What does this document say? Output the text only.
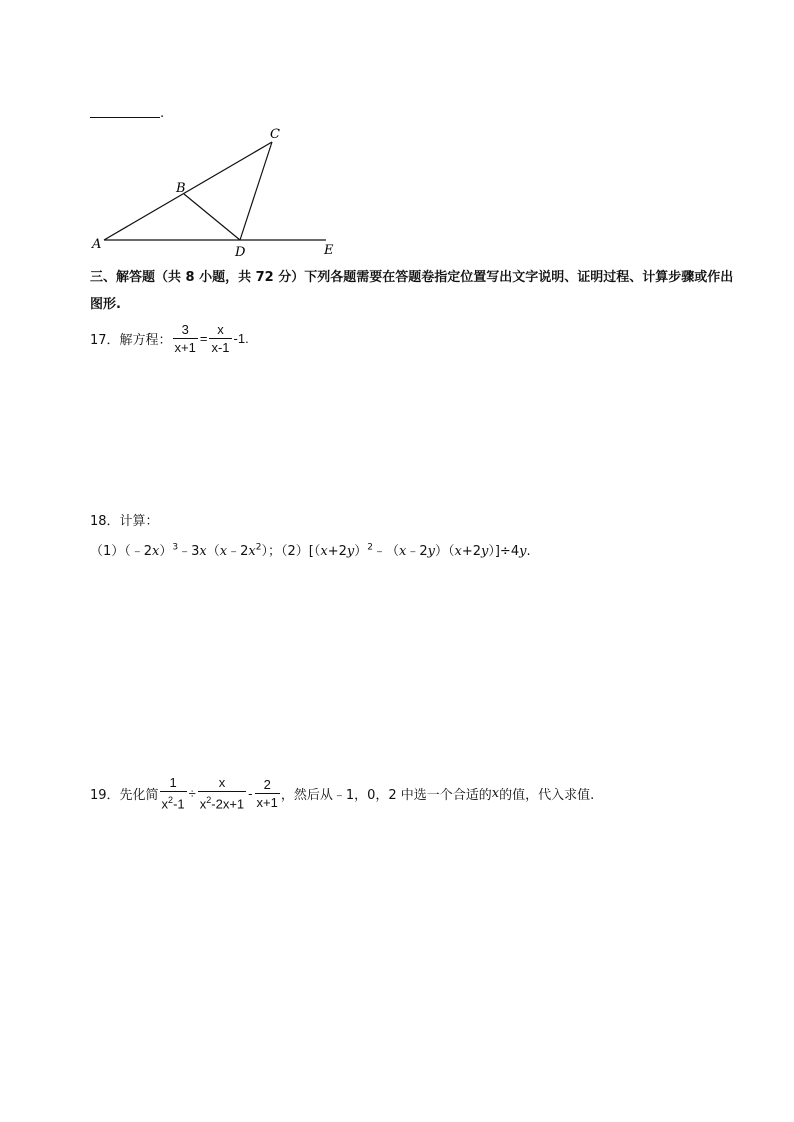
.
A
B
C
D	E
三、解答题（共 8 小题，共 72 分）下列各题需要在答题卷指定位置写出文字说明、证明过程、计算步骤或作出图形.
17．解方程： $\frac{3}{x+1} = \frac{x}{x-1} -1$.
18．计算：
$(1)(﹣2x)^3﹣3x(x﹣2x^2)$；$(2)[(x+2y)^2﹣(x﹣2y)(x+2y)]\div 4y$.
19．先化简 $\frac{1}{x^2-1} \div \frac{x}{x^2-2x+1} - \frac{2}{x+1}$ ，然后从﹣1，0，2 中选一个合适的 x 的值，代入求值.
